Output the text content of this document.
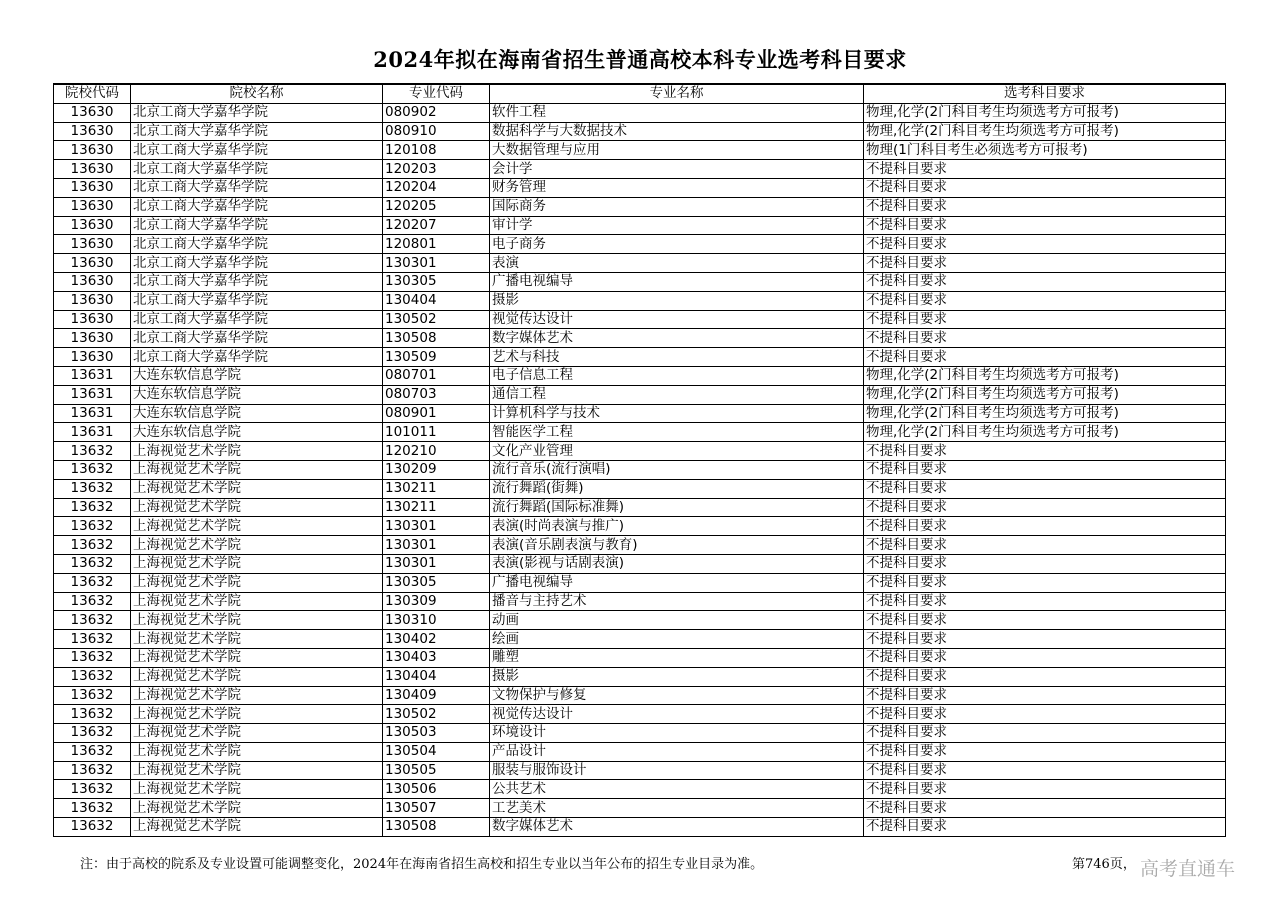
2024年拟在海南省招生普通高校本科专业选考科目要求
院校代码	院校名称	专业代码	专业名称	选考科目要求
13630	北京工商大学嘉华学院	080902	软件工程	物理,化学(2门科目考生均须选考方可报考)
13630	北京工商大学嘉华学院	080910	数据科学与大数据技术	物理,化学(2门科目考生均须选考方可报考)
13630	北京工商大学嘉华学院	120108	大数据管理与应用	物理(1门科目考生必须选考方可报考)
13630	北京工商大学嘉华学院	120203	会计学	不提科目要求
13630	北京工商大学嘉华学院	120204	财务管理	不提科目要求
13630	北京工商大学嘉华学院	120205	国际商务	不提科目要求
13630	北京工商大学嘉华学院	120207	审计学	不提科目要求
13630	北京工商大学嘉华学院	120801	电子商务	不提科目要求
13630	北京工商大学嘉华学院	130301	表演	不提科目要求
13630	北京工商大学嘉华学院	130305	广播电视编导	不提科目要求
13630	北京工商大学嘉华学院	130404	摄影	不提科目要求
13630	北京工商大学嘉华学院	130502	视觉传达设计	不提科目要求
13630	北京工商大学嘉华学院	130508	数字媒体艺术	不提科目要求
13630	北京工商大学嘉华学院	130509	艺术与科技	不提科目要求
13631	大连东软信息学院	080701	电子信息工程	物理,化学(2门科目考生均须选考方可报考)
13631	大连东软信息学院	080703	通信工程	物理,化学(2门科目考生均须选考方可报考)
13631	大连东软信息学院	080901	计算机科学与技术	物理,化学(2门科目考生均须选考方可报考)
13631	大连东软信息学院	101011	智能医学工程	物理,化学(2门科目考生均须选考方可报考)
13632	上海视觉艺术学院	120210	文化产业管理	不提科目要求
13632	上海视觉艺术学院	130209	流行音乐(流行演唱)	不提科目要求
13632	上海视觉艺术学院	130211	流行舞蹈(街舞)	不提科目要求
13632	上海视觉艺术学院	130211	流行舞蹈(国际标准舞)	不提科目要求
13632	上海视觉艺术学院	130301	表演(时尚表演与推广)	不提科目要求
13632	上海视觉艺术学院	130301	表演(音乐剧表演与教育)	不提科目要求
13632	上海视觉艺术学院	130301	表演(影视与话剧表演)	不提科目要求
13632	上海视觉艺术学院	130305	广播电视编导	不提科目要求
13632	上海视觉艺术学院	130309	播音与主持艺术	不提科目要求
13632	上海视觉艺术学院	130310	动画	不提科目要求
13632	上海视觉艺术学院	130402	绘画	不提科目要求
13632	上海视觉艺术学院	130403	雕塑	不提科目要求
13632	上海视觉艺术学院	130404	摄影	不提科目要求
13632	上海视觉艺术学院	130409	文物保护与修复	不提科目要求
13632	上海视觉艺术学院	130502	视觉传达设计	不提科目要求
13632	上海视觉艺术学院	130503	环境设计	不提科目要求
13632	上海视觉艺术学院	130504	产品设计	不提科目要求
13632	上海视觉艺术学院	130505	服装与服饰设计	不提科目要求
13632	上海视觉艺术学院	130506	公共艺术	不提科目要求
13632	上海视觉艺术学院	130507	工艺美术	不提科目要求
13632	上海视觉艺术学院	130508	数字媒体艺术	不提科目要求
注：由于高校的院系及专业设置可能调整变化，2024年在海南省招生高校和招生专业以当年公布的招生专业目录为准。	第746页， 高考直通车
